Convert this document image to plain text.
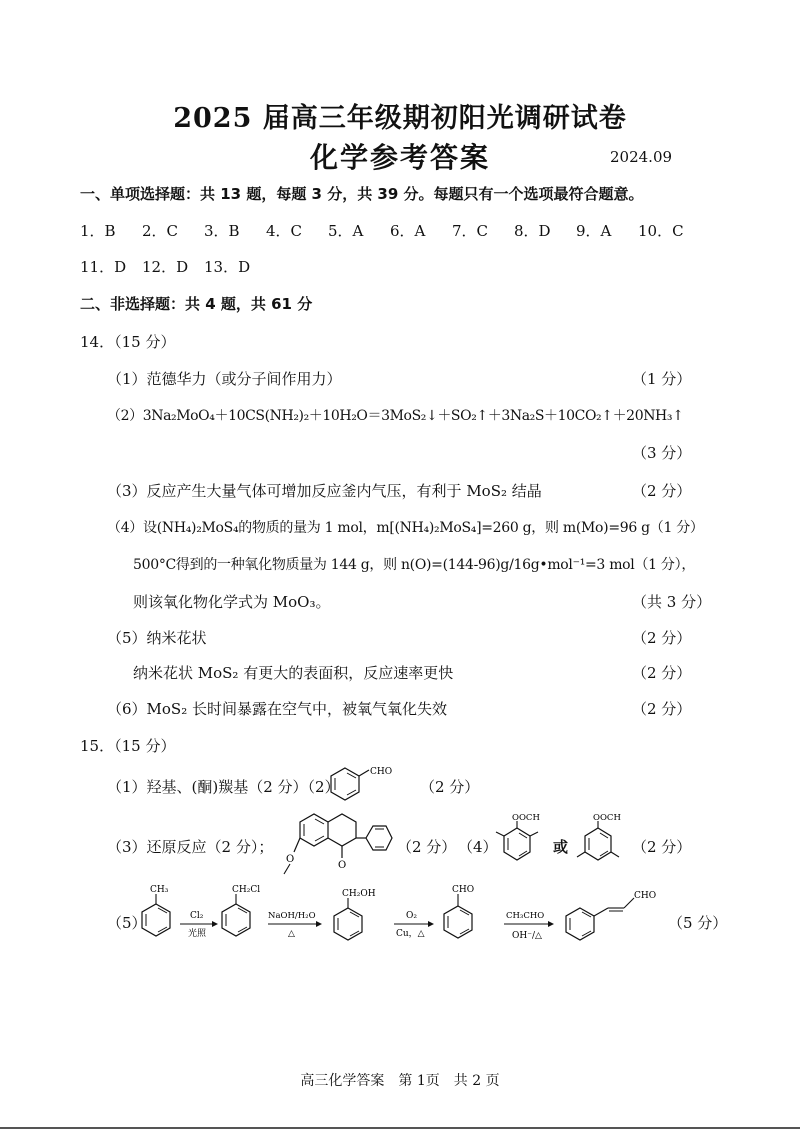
2025 届高三年级期初阳光调研试卷
化学参考答案	2024.09
一、单项选择题：共 13 题，每题 3 分，共 39 分。每题只有一个选项最符合题意。
1．B 2．C 3．B 4．C 5．A 6．A 7．C 8．D 9．A 10．C
11．D 12．D 13．D
二、非选择题：共 4 题，共 61 分
14．（15 分）
（1）范德华力（或分子间作用力）	（1 分）
（2）3Na₂MoO₄＋10CS(NH₂)₂＋10H₂O＝3MoS₂↓＋SO₂↑＋3Na₂S＋10CO₂↑＋20NH₃↑
（3 分）
（3）反应产生大量气体可增加反应釜内气压，有利于 MoS₂ 结晶	（2 分）
（4）设(NH₄)₂MoS₄的物质的量为 1 mol，m[(NH₄)₂MoS₄]=260 g，则 m(Mo)=96 g（1 分）
500°C得到的一种氧化物质量为 144 g，则 n(O)=(144-96)g/16g•mol⁻¹=3 mol（1 分），
则该氧化物化学式为 MoO₃。	（共 3 分）
（5）纳米花状	（2 分）
纳米花状 MoS₂ 有更大的表面积，反应速率更快	（2 分）
（6）MoS₂ 长时间暴露在空气中，被氧气氧化失效	（2 分）
15．（15 分）
（1）羟基、(酮)羰基（2 分）（2）
CHO
（2 分）
（3）还原反应（2 分）；
O
O
（2 分） （4）
OOCH
或
OOCH
（2 分）
（5）
CH₃
Cl₂
光照
CH₂Cl
NaOH/H₂O
△
CH₂OH
O₂
Cu，△
CHO
CH₃CHO
OH⁻/△
CHO
（5 分）
高三化学答案　第 1页　共 2 页
